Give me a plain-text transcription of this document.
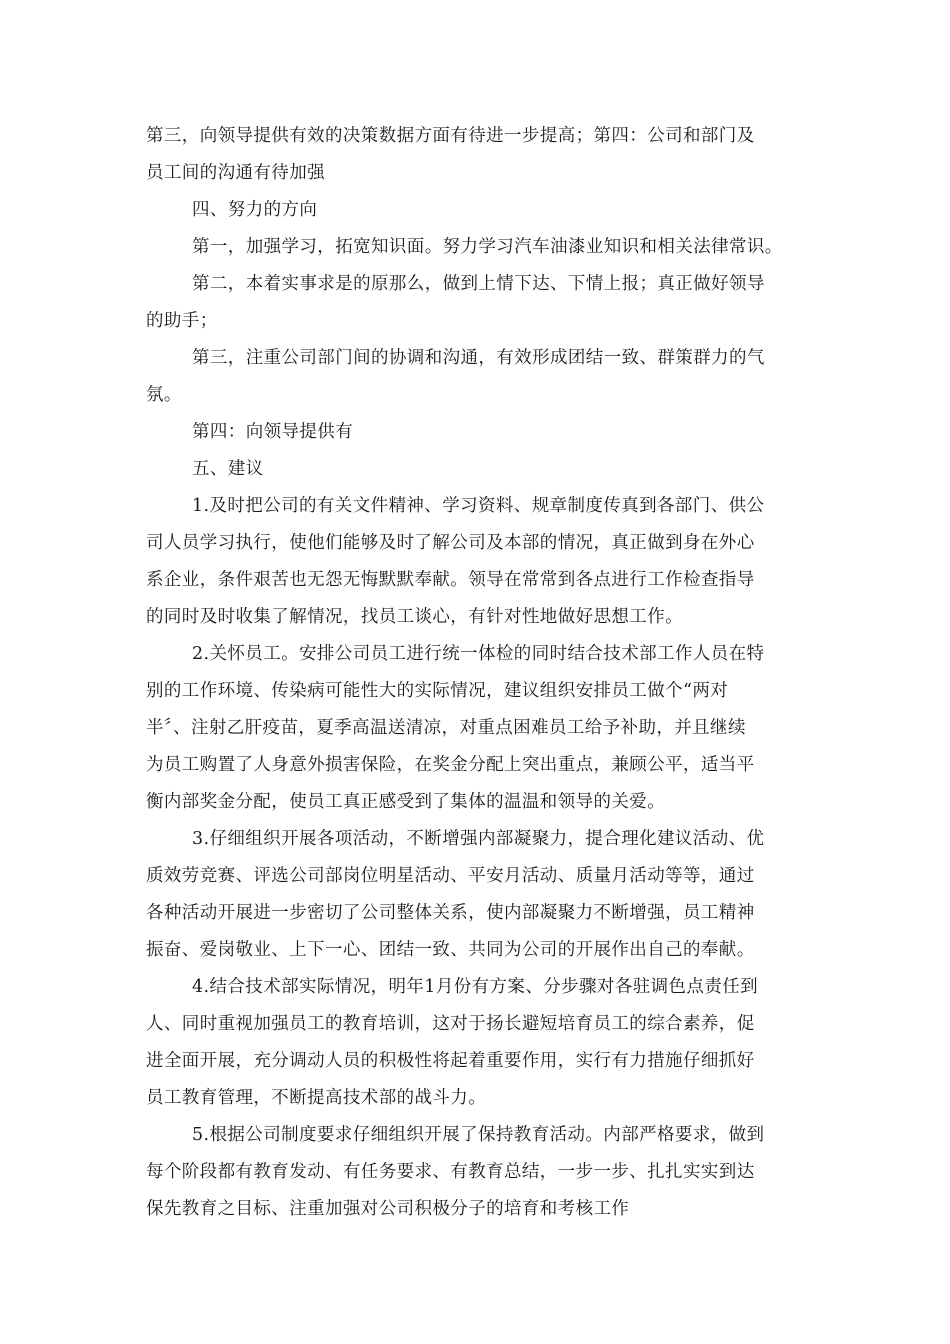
第三，向领导提供有效的决策数据方面有待进一步提高；第四：公司和部门及
员工间的沟通有待加强
四、努力的方向
第一，加强学习，拓宽知识面。努力学习汽车油漆业知识和相关法律常识。
第二，本着实事求是的原那么，做到上情下达、下情上报；真正做好领导
的助手；
第三，注重公司部门间的协调和沟通，有效形成团结一致、群策群力的气
氛。
第四：向领导提供有
五、建议
1.及时把公司的有关文件精神、学习资料、规章制度传真到各部门、供公
司人员学习执行，使他们能够及时了解公司及本部的情况，真正做到身在外心
系企业，条件艰苦也无怨无悔默默奉献。领导在常常到各点进行工作检查指导
的同时及时收集了解情况，找员工谈心，有针对性地做好思想工作。
2.关怀员工。安排公司员工进行统一体检的同时结合技术部工作人员在特
别的工作环境、传染病可能性大的实际情况，建议组织安排员工做个“两对
半〞、注射乙肝疫苗，夏季高温送清凉，对重点困难员工给予补助，并且继续
为员工购置了人身意外损害保险，在奖金分配上突出重点，兼顾公平，适当平
衡内部奖金分配，使员工真正感受到了集体的温温和领导的关爱。
3.仔细组织开展各项活动，不断增强内部凝聚力，提合理化建议活动、优
质效劳竞赛、评选公司部岗位明星活动、平安月活动、质量月活动等等，通过
各种活动开展进一步密切了公司整体关系，使内部凝聚力不断增强，员工精神
振奋、爱岗敬业、上下一心、团结一致、共同为公司的开展作出自己的奉献。
4.结合技术部实际情况，明年1月份有方案、分步骤对各驻调色点责任到
人、同时重视加强员工的教育培训，这对于扬长避短培育员工的综合素养，促
进全面开展，充分调动人员的积极性将起着重要作用，实行有力措施仔细抓好
员工教育管理，不断提高技术部的战斗力。
5.根据公司制度要求仔细组织开展了保持教育活动。内部严格要求，做到
每个阶段都有教育发动、有任务要求、有教育总结，一步一步、扎扎实实到达
保先教育之目标、注重加强对公司积极分子的培育和考核工作
